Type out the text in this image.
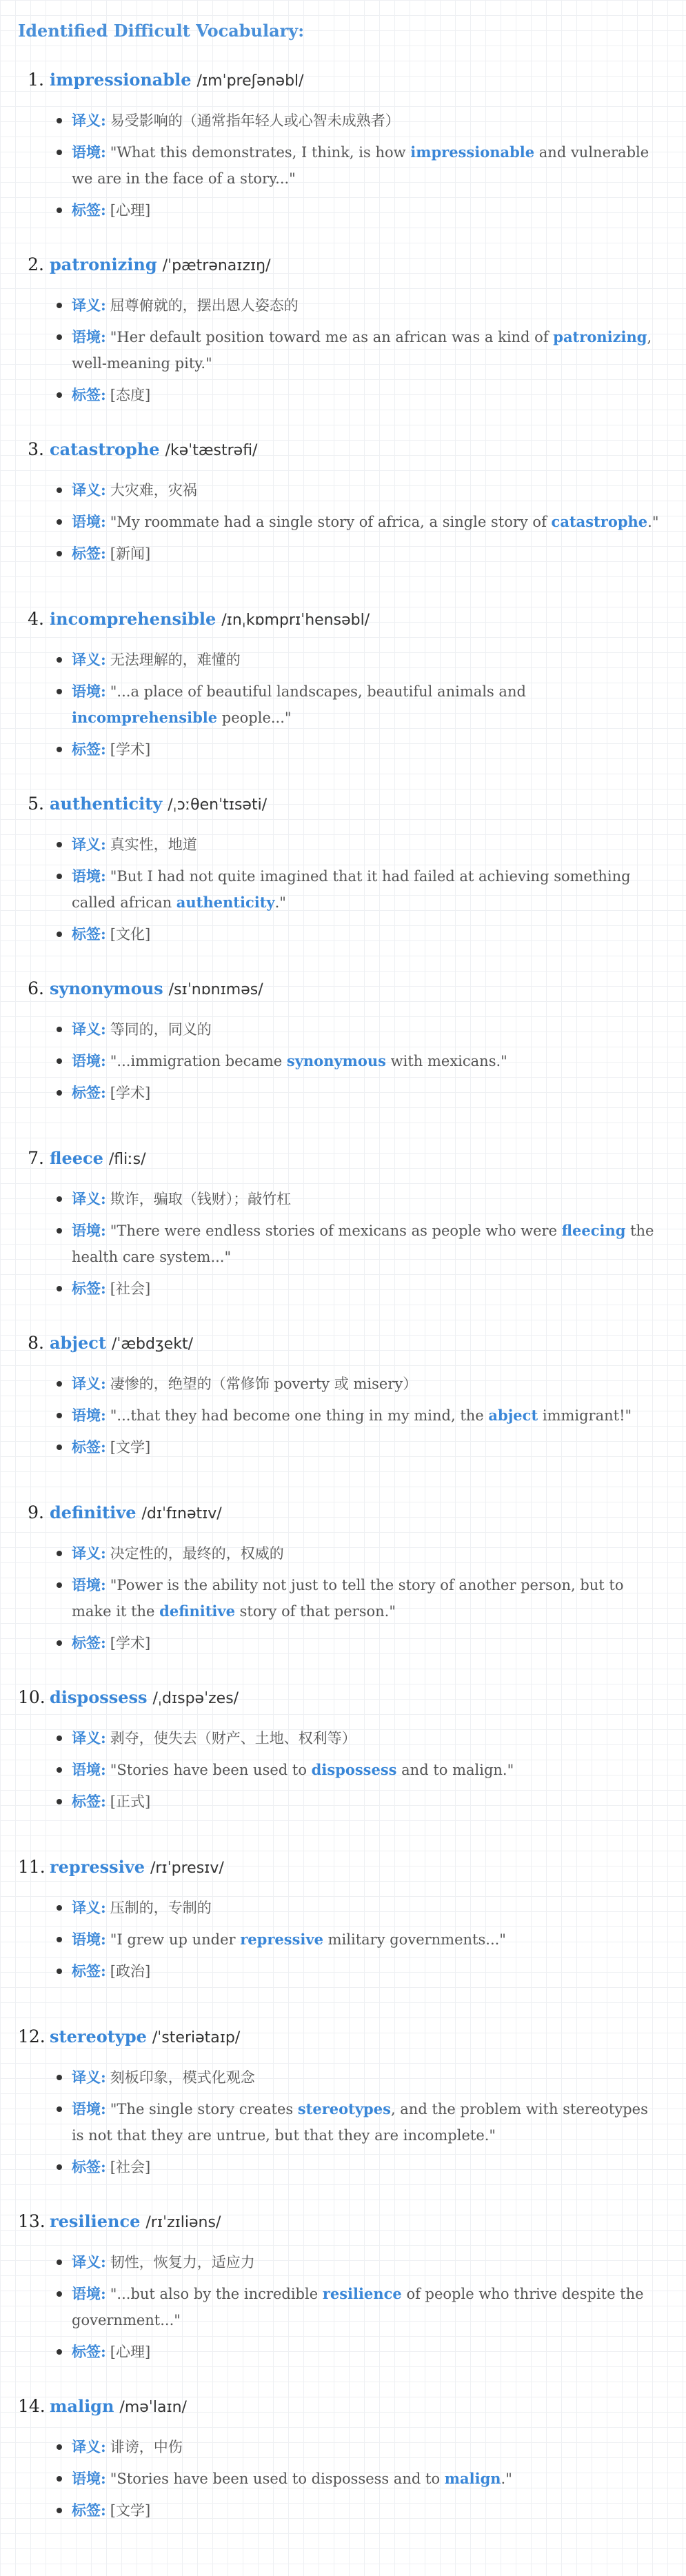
Identified Difficult Vocabulary:
1. impressionable /ɪmˈpreʃənəbl/
译义: 易受影响的（通常指年轻人或心智未成熟者）
语境: "What this demonstrates, I think, is how impressionable and vulnerable we are in the face of a story..."
标签: [心理]
2. patronizing /ˈpætrənaɪzɪŋ/
译义: 屈尊俯就的，摆出恩人姿态的
语境: "Her default position toward me as an african was a kind of patronizing, well-meaning pity."
标签: [态度]
3. catastrophe /kəˈtæstrəfi/
译义: 大灾难，灾祸
语境: "My roommate had a single story of africa, a single story of catastrophe."
标签: [新闻]
4. incomprehensible /ɪnˌkɒmprɪˈhensəbl/
译义: 无法理解的，难懂的
语境: "...a place of beautiful landscapes, beautiful animals and incomprehensible people..."
标签: [学术]
5. authenticity /ˌɔːθenˈtɪsəti/
译义: 真实性，地道
语境: "But I had not quite imagined that it had failed at achieving something called african authenticity."
标签: [文化]
6. synonymous /sɪˈnɒnɪməs/
译义: 等同的，同义的
语境: "...immigration became synonymous with mexicans."
标签: [学术]
7. fleece /fliːs/
译义: 欺诈，骗取（钱财）；敲竹杠
语境: "There were endless stories of mexicans as people who were fleecing the health care system..."
标签: [社会]
8. abject /ˈæbdʒekt/
译义: 凄惨的，绝望的（常修饰 poverty 或 misery）
语境: "...that they had become one thing in my mind, the abject immigrant!"
标签: [文学]
9. definitive /dɪˈfɪnətɪv/
译义: 决定性的，最终的，权威的
语境: "Power is the ability not just to tell the story of another person, but to make it the definitive story of that person."
标签: [学术]
10. dispossess /ˌdɪspəˈzes/
译义: 剥夺，使失去（财产、土地、权利等）
语境: "Stories have been used to dispossess and to malign."
标签: [正式]
11. repressive /rɪˈpresɪv/
译义: 压制的，专制的
语境: "I grew up under repressive military governments..."
标签: [政治]
12. stereotype /ˈsteriətaɪp/
译义: 刻板印象，模式化观念
语境: "The single story creates stereotypes, and the problem with stereotypes is not that they are untrue, but that they are incomplete."
标签: [社会]
13. resilience /rɪˈzɪliəns/
译义: 韧性，恢复力，适应力
语境: "...but also by the incredible resilience of people who thrive despite the government..."
标签: [心理]
14. malign /məˈlaɪn/
译义: 诽谤，中伤
语境: "Stories have been used to dispossess and to malign."
标签: [文学]
